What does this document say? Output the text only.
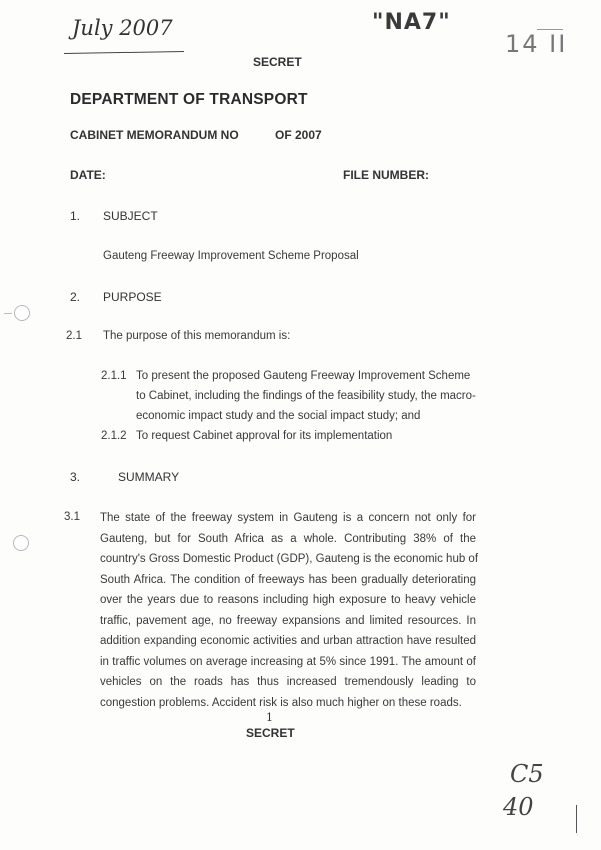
July 2007	"NA7"
14 II
C5
40
SECRET
DEPARTMENT OF TRANSPORT
CABINET MEMORANDUM NO	OF 2007
DATE:	FILE NUMBER:
1. SUBJECT
Gauteng Freeway Improvement Scheme Proposal
2. PURPOSE
2.1 The purpose of this memorandum is:
2.1.1 To present the proposed Gauteng Freeway Improvement Scheme
to Cabinet, including the findings of the feasibility study, the macro-
economic impact study and the social impact study; and
2.1.2 To request Cabinet approval for its implementation
3.	SUMMARY
3.1 The state of the freeway system in Gauteng is a concern not only for
Gauteng, but for South Africa as a whole. Contributing 38% of the
country's Gross Domestic Product (GDP), Gauteng is the economic hub of
South Africa. The condition of freeways has been gradually deteriorating
over the years due to reasons including high exposure to heavy vehicle
traffic, pavement age, no freeway expansions and limited resources. In
addition expanding economic activities and urban attraction have resulted
in traffic volumes on average increasing at 5% since 1991. The amount of
vehicles on the roads has thus increased tremendously leading to
congestion problems. Accident risk is also much higher on these roads.
1
SECRET
